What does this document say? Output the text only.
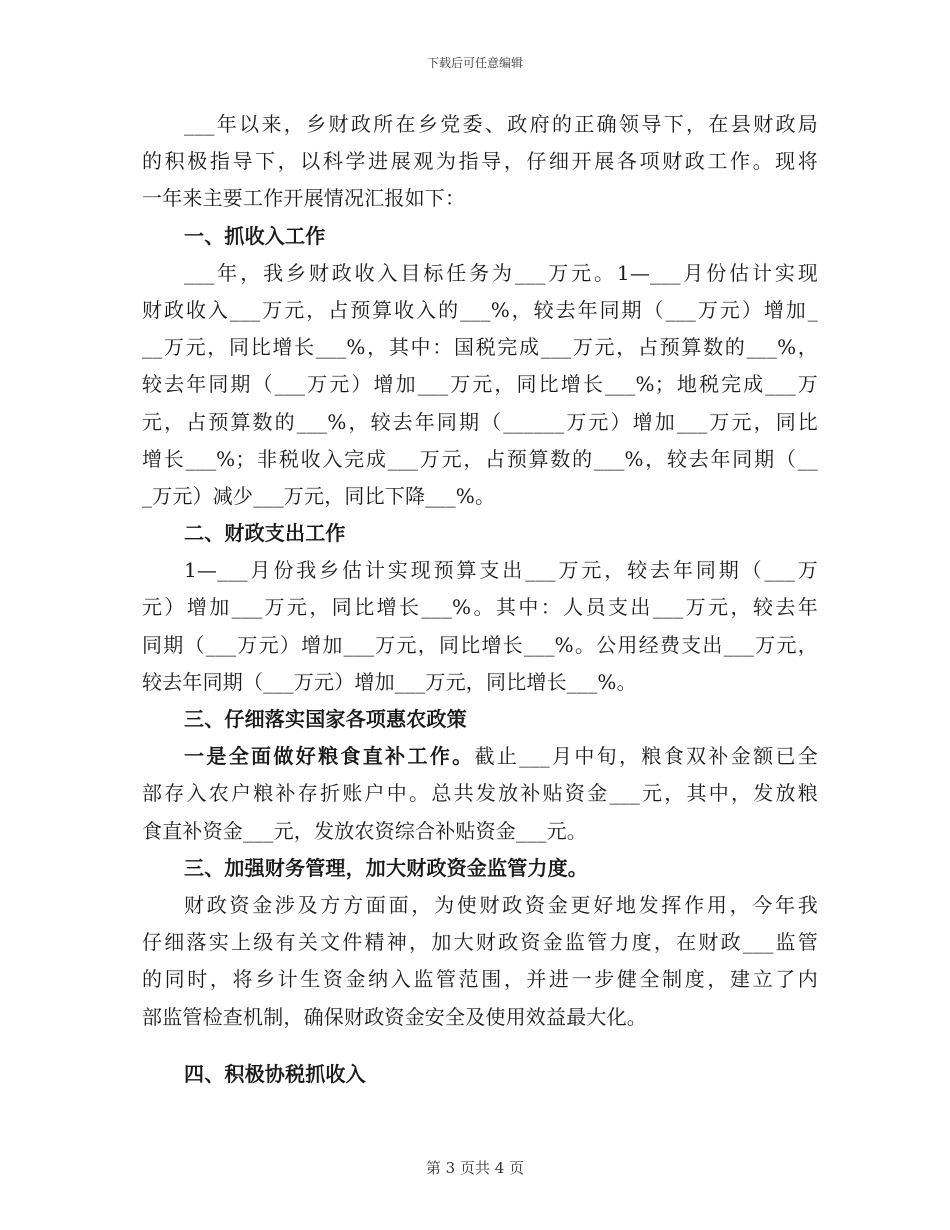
下载后可任意编辑
___年以来，乡财政所在乡党委、政府的正确领导下，在县财政局
的积极指导下，以科学进展观为指导，仔细开展各项财政工作。现将
一年来主要工作开展情况汇报如下：
一、抓收入工作
___年，我乡财政收入目标任务为___万元。1—___月份估计实现
财政收入___万元，占预算收入的___%，较去年同期（___万元）增加_
__万元，同比增长___%，其中：国税完成___万元，占预算数的___%，
较去年同期（___万元）增加___万元，同比增长___%；地税完成___万
元，占预算数的___%，较去年同期（______万元）增加___万元，同比
增长___%；非税收入完成___万元，占预算数的___%，较去年同期（__
_万元）减少___万元，同比下降___%。
二、财政支出工作
1—___月份我乡估计实现预算支出___万元，较去年同期（___万
元）增加___万元，同比增长___%。其中：人员支出___万元，较去年
同期（___万元）增加___万元，同比增长___%。公用经费支出___万元，
较去年同期（___万元）增加___万元，同比增长___%。
三、仔细落实国家各项惠农政策
一是全面做好粮食直补工作。截止___月中旬，粮食双补金额已全
部存入农户粮补存折账户中。总共发放补贴资金___元，其中，发放粮
食直补资金___元，发放农资综合补贴资金___元。
三、加强财务管理，加大财政资金监管力度。
财政资金涉及方方面面，为使财政资金更好地发挥作用，今年我
仔细落实上级有关文件精神，加大财政资金监管力度，在财政___监管
的同时，将乡计生资金纳入监管范围，并进一步健全制度，建立了内
部监管检查机制，确保财政资金安全及使用效益最大化。
四、积极协税抓收入
第 3 页共 4 页
